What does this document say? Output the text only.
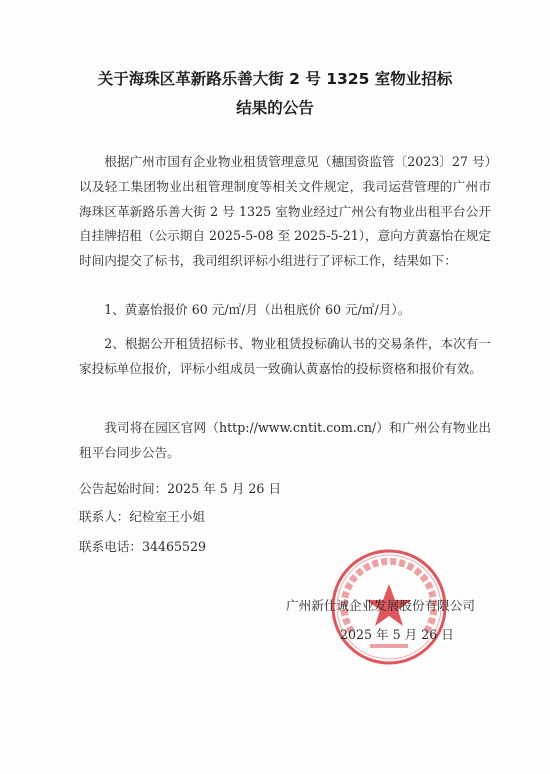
关于海珠区革新路乐善大街 2 号 1325 室物业招标
结果的公告
根据广州市国有企业物业租赁管理意见（穗国资监管〔2023〕27 号）以及轻工集团物业出租管理制度等相关文件规定，我司运营管理的广州市海珠区革新路乐善大街 2 号 1325 室物业经过广州公有物业出租平台公开自挂牌招租（公示期自 2025-5-08 至 2025-5-21），意向方黄嘉怡在规定时间内提交了标书，我司组织评标小组进行了评标工作，结果如下：
1、黄嘉怡报价 60 元/㎡/月（出租底价 60 元/㎡/月）。
2、根据公开租赁招标书、物业租赁投标确认书的交易条件，本次有一家投标单位报价，评标小组成员一致确认黄嘉怡的投标资格和报价有效。
我司将在园区官网（http://www.cntit.com.cn/）和广州公有物业出租平台同步公告。
公告起始时间：2025 年 5 月 26 日
联系人：纪检室王小姐
联系电话：34465529
广州新仕诚企业发展股份有限公司
2025 年 5 月 26 日
